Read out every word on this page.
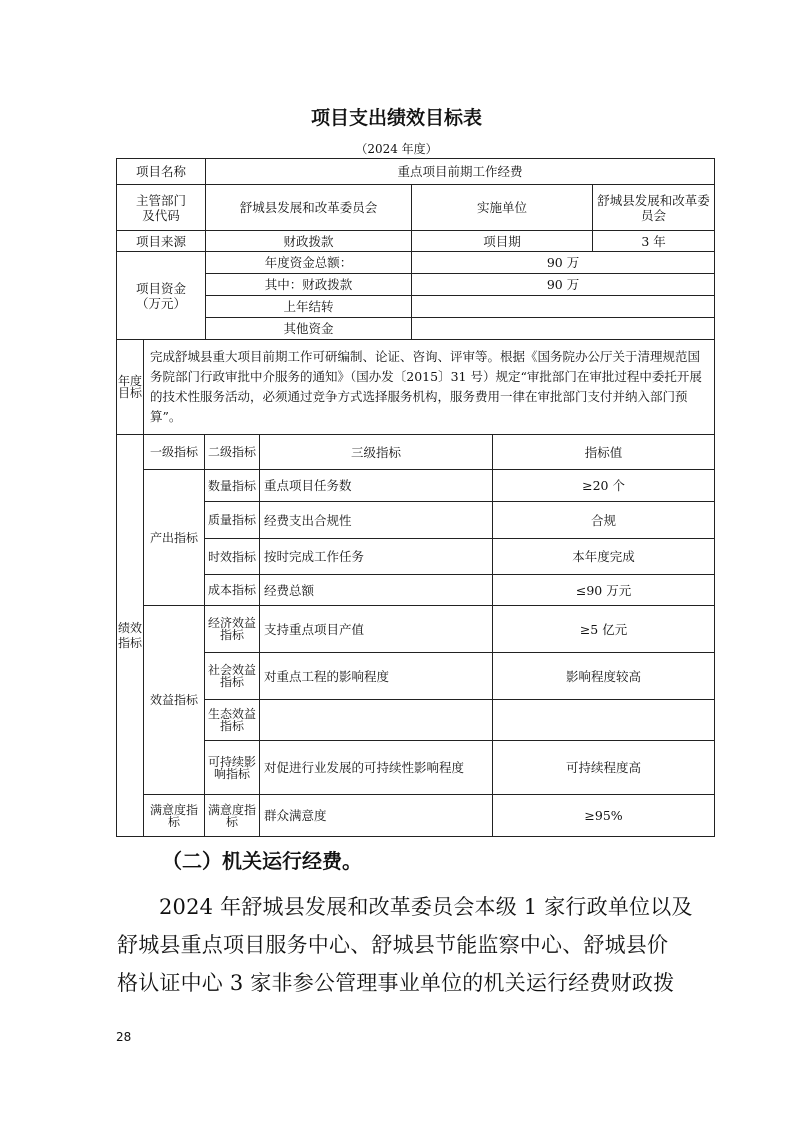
项目支出绩效目标表
（2024 年度）
项目名称		重点项目前期工作经费				
主管部门
及代码		舒城县发展和改革委员会		实施单位		舒城县发展和改革委员会
项目来源		财政拨款		项目期		3 年
项目资金
（万元）		年度资金总额：		90 万		
		其中：财政拨款		90 万		
		上年结转				
		其他资金				
年度目标	完成舒城县重大项目前期工作可研编制、论证、咨询、评审等。根据《国务院办公厅关于清理规范国务院部门行政审批中介服务的通知》（国办发〔2015〕31 号）规定“审批部门在审批过程中委托开展的技术性服务活动，必须通过竞争方式选择服务机构，服务费用一律在审批部门支付并纳入部门预算”。					
绩效指标	一级指标	二级指标	三级指标		指标值	
	产出指标	数量指标	重点项目任务数		≥20 个	
		质量指标	经费支出合规性		合规	
		时效指标	按时完成工作任务		本年度完成	
		成本指标	经费总额		≤90 万元	
	效益指标	经济效益指标	支持重点项目产值		≥5 亿元	
		社会效益指标	对重点工程的影响程度		影响程度较高	
		生态效益指标				
		可持续影响指标	对促进行业发展的可持续性影响程度		可持续程度高	
	满意度指标	满意度指标	群众满意度		≥95%	
（二）机关运行经费。
2024 年舒城县发展和改革委员会本级 1 家行政单位以及
舒城县重点项目服务中心、舒城县节能监察中心、舒城县价
格认证中心 3 家非参公管理事业单位的机关运行经费财政拨
28
